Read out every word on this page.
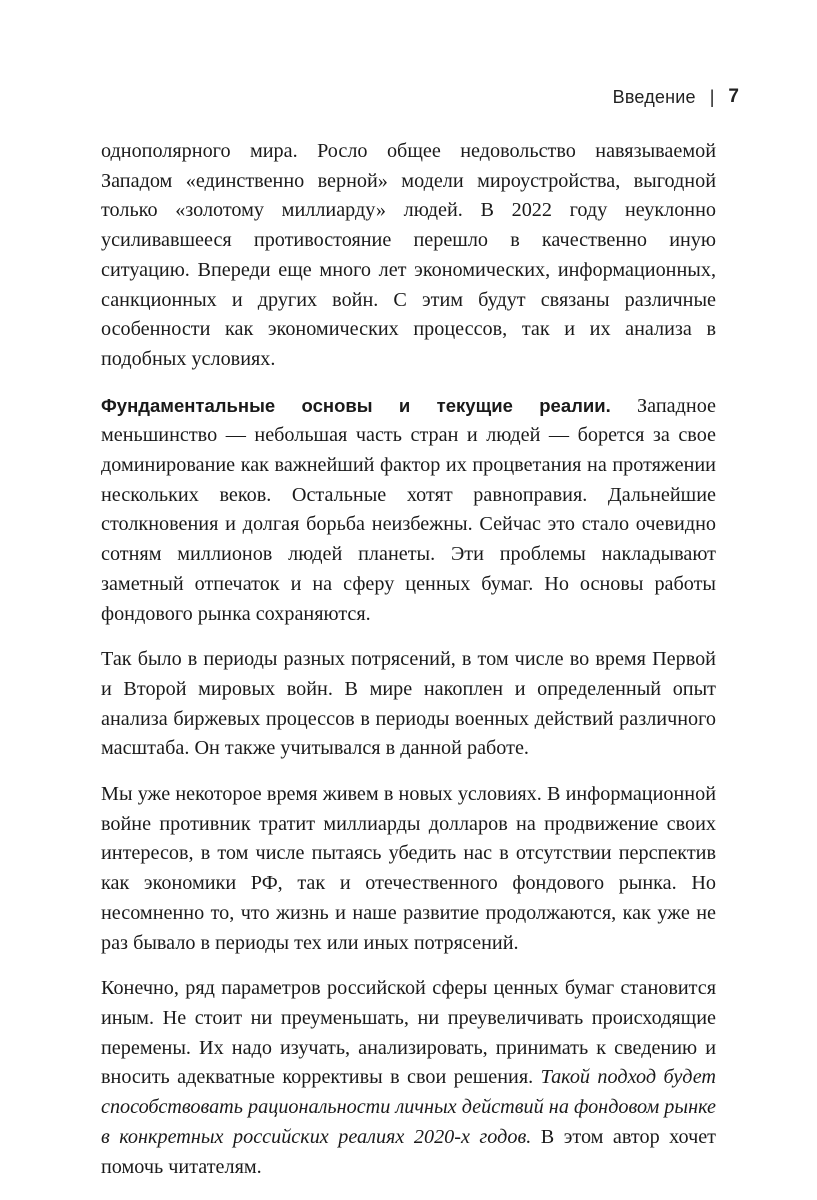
Введение | 7

однополярного мира. Росло общее недовольство навязываемой Западом «единственно верной» модели мироустройства, выгодной только «золотому миллиарду» людей. В 2022 году неуклонно усиливавшееся противостояние перешло в качественно иную ситуацию. Впереди еще много лет экономических, информационных, санкционных и других войн. С этим будут связаны различные особенности как экономических процессов, так и их анализа в подобных условиях.

Фундаментальные основы и текущие реалии. Западное меньшинство — небольшая часть стран и людей — борется за свое доминирование как важнейший фактор их процветания на протяжении нескольких веков. Остальные хотят равноправия. Дальнейшие столкновения и долгая борьба неизбежны. Сейчас это стало очевидно сотням миллионов людей планеты. Эти проблемы накладывают заметный отпечаток и на сферу ценных бумаг. Но основы работы фондового рынка сохраняются.

Так было в периоды разных потрясений, в том числе во время Первой и Второй мировых войн. В мире накоплен и определенный опыт анализа биржевых процессов в периоды военных действий различного масштаба. Он также учитывался в данной работе.

Мы уже некоторое время живем в новых условиях. В информационной войне противник тратит миллиарды долларов на продвижение своих интересов, в том числе пытаясь убедить нас в отсутствии перспектив как экономики РФ, так и отечественного фондового рынка. Но несомненно то, что жизнь и наше развитие продолжаются, как уже не раз бывало в периоды тех или иных потрясений.

Конечно, ряд параметров российской сферы ценных бумаг становится иным. Не стоит ни преуменьшать, ни преувеличивать происходящие перемены. Их надо изучать, анализировать, принимать к сведению и вносить адекватные коррективы в свои решения. Такой подход будет способствовать рациональности личных действий на фондовом рынке в конкретных российских реалиях 2020-х годов. В этом автор хочет помочь читателям.
